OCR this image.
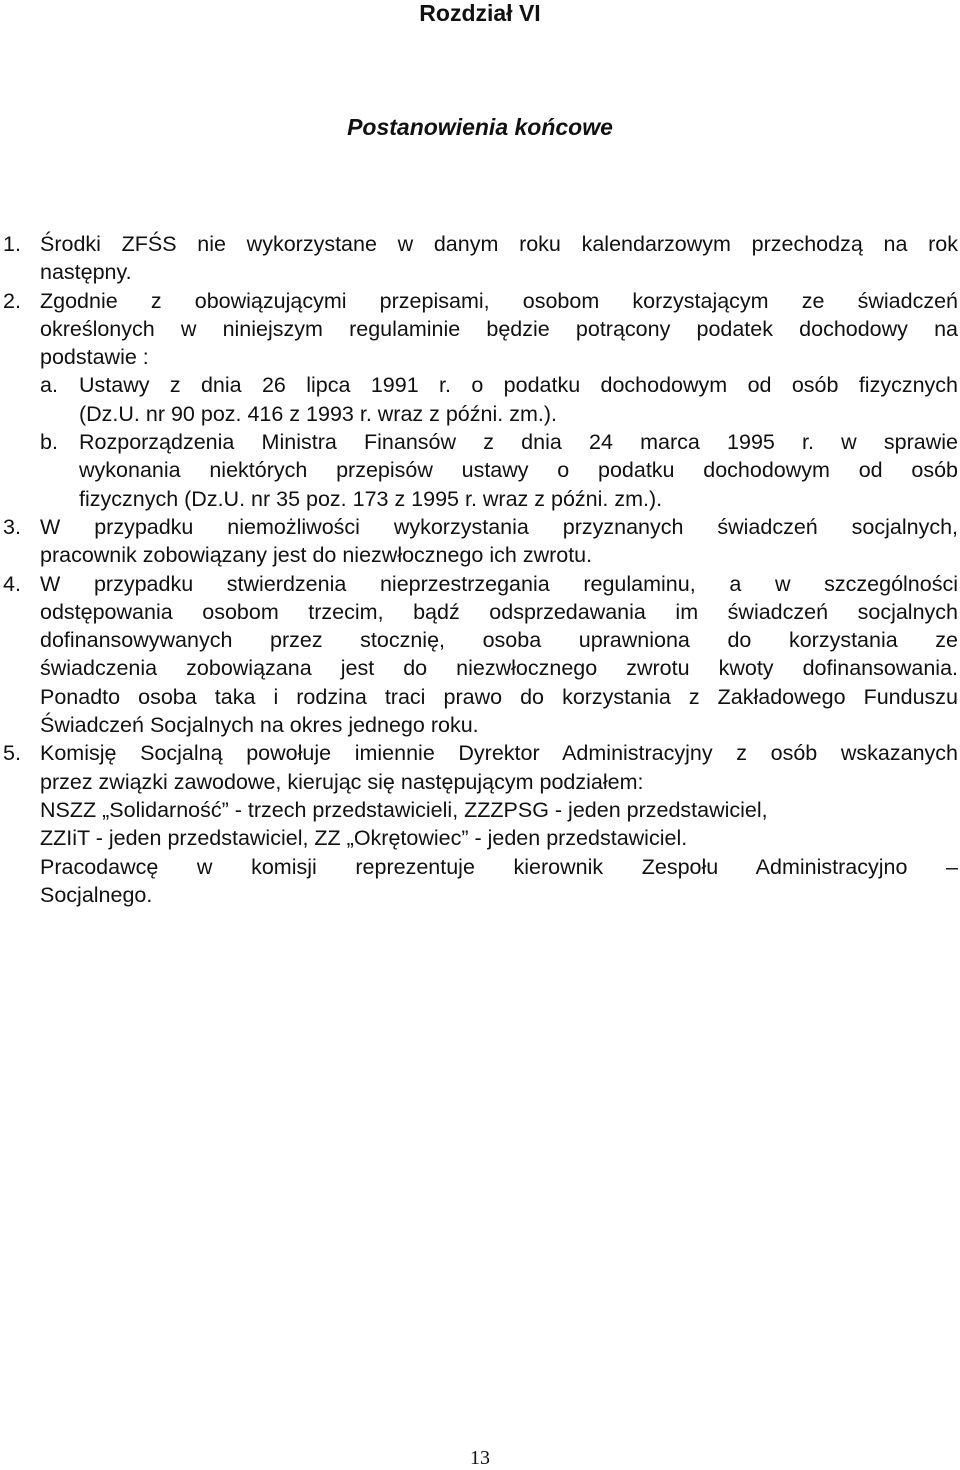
Rozdział VI
Postanowienia końcowe
1. Środki ZFŚS nie wykorzystane w danym roku kalendarzowym przechodzą na rok
następny.
2. Zgodnie z obowiązującymi przepisami, osobom korzystającym ze świadczeń
określonych w niniejszym regulaminie będzie potrącony podatek dochodowy na
podstawie :
a. Ustawy z dnia 26 lipca 1991 r. o podatku dochodowym od osób fizycznych
(Dz.U. nr 90 poz. 416 z 1993 r. wraz z późni. zm.).
b. Rozporządzenia Ministra Finansów z dnia 24 marca 1995 r. w sprawie
wykonania niektórych przepisów ustawy o podatku dochodowym od osób
fizycznych (Dz.U. nr 35 poz. 173 z 1995 r. wraz z późni. zm.).
3. W przypadku niemożliwości wykorzystania przyznanych świadczeń socjalnych,
pracownik zobowiązany jest do niezwłocznego ich zwrotu.
4. W przypadku stwierdzenia nieprzestrzegania regulaminu, a w szczególności
odstępowania osobom trzecim, bądź odsprzedawania im świadczeń socjalnych
dofinansowywanych przez stocznię, osoba uprawniona do korzystania ze
świadczenia zobowiązana jest do niezwłocznego zwrotu kwoty dofinansowania.
Ponadto osoba taka i rodzina traci prawo do korzystania z Zakładowego Funduszu
Świadczeń Socjalnych na okres jednego roku.
5. Komisję Socjalną powołuje imiennie Dyrektor Administracyjny z osób wskazanych
przez związki zawodowe, kierując się następującym podziałem:
NSZZ „Solidarność” - trzech przedstawicieli, ZZZPSG - jeden przedstawiciel,
ZZIiT - jeden przedstawiciel, ZZ „Okrętowiec” - jeden przedstawiciel.
Pracodawcę w komisji reprezentuje kierownik Zespołu Administracyjno –
Socjalnego.
13
